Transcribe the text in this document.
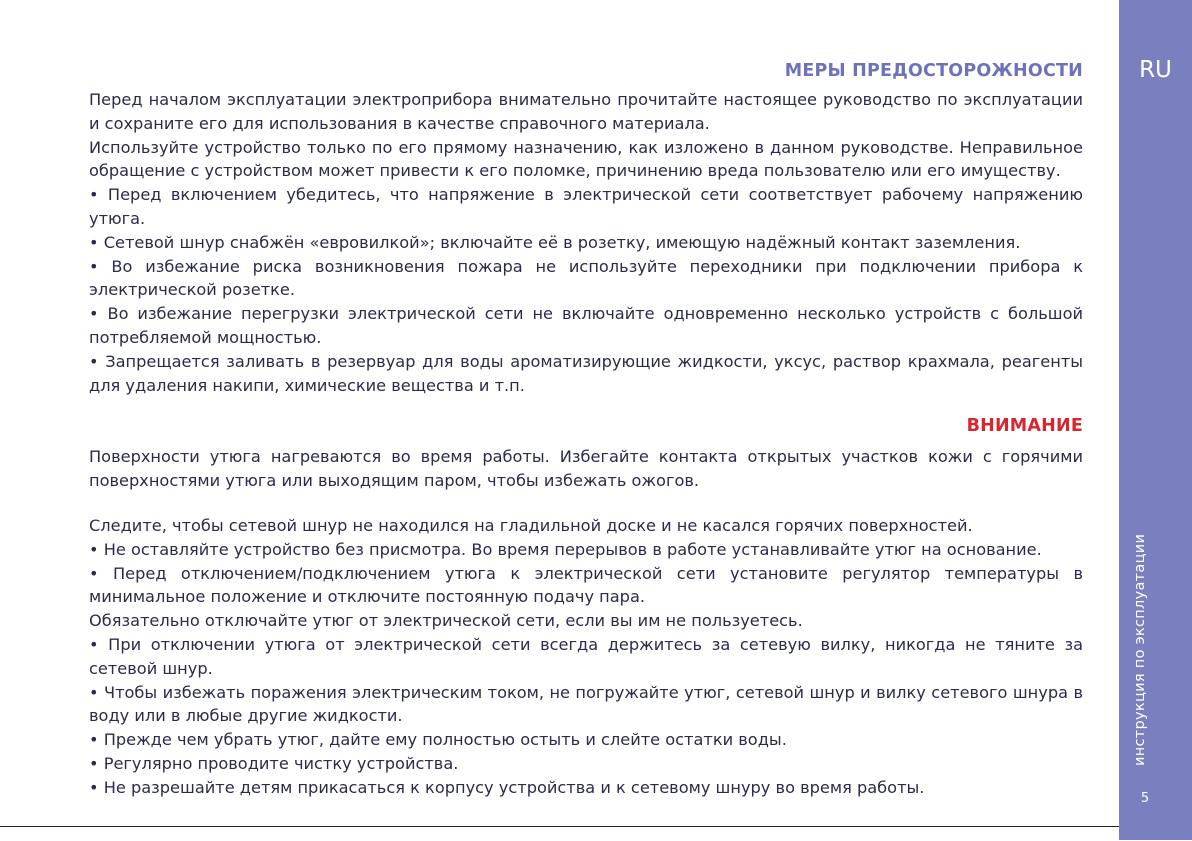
МЕРЫ ПРЕДОСТОРОЖНОСТИ

Перед началом эксплуатации электроприбора внимательно прочитайте настоящее руководство по эксплуатации и сохраните его для использования в качестве справочного материала.

Используйте устройство только по его прямому назначению, как изложено в данном руководстве. Неправильное обращение с устройством может привести к его поломке, причинению вреда пользователю или его имуществу.

• Перед включением убедитесь, что напряжение в электрической сети соответствует рабочему напряжению утюга.

• Сетевой шнур снабжён «евровилкой»; включайте её в розетку, имеющую надёжный контакт заземления.

• Во избежание риска возникновения пожара не используйте переходники при подключении прибора к электрической розетке.

• Во избежание перегрузки электрической сети не включайте одновременно несколько устройств с большой потребляемой мощностью.

• Запрещается заливать в резервуар для воды ароматизирующие жидкости, уксус, раствор крахмала, реагенты для удаления накипи, химические вещества и т.п.

ВНИМАНИЕ

Поверхности утюга нагреваются во время работы. Избегайте контакта открытых участков кожи с горячими поверхностями утюга или выходящим паром, чтобы избежать ожогов.

Следите, чтобы сетевой шнур не находился на гладильной доске и не касался горячих поверхностей.

• Не оставляйте устройство без присмотра. Во время перерывов в работе устанавливайте утюг на основание.

• Перед отключением/подключением утюга к электрической сети установите регулятор температуры в минимальное положение и отключите постоянную подачу пара.

Обязательно отключайте утюг от электрической сети, если вы им не пользуетесь.

• При отключении утюга от электрической сети всегда держитесь за сетевую вилку, никогда не тяните за сетевой шнур.

• Чтобы избежать поражения электрическим током, не погружайте утюг, сетевой шнур и вилку сетевого шнура в воду или в любые другие жидкости.

• Прежде чем убрать утюг, дайте ему полностью остыть и слейте остатки воды.

• Регулярно проводите чистку устройства.

• Не разрешайте детям прикасаться к корпусу устройства и к сетевому шнуру во время работы.

RU
инструкция по эксплуатации
5
